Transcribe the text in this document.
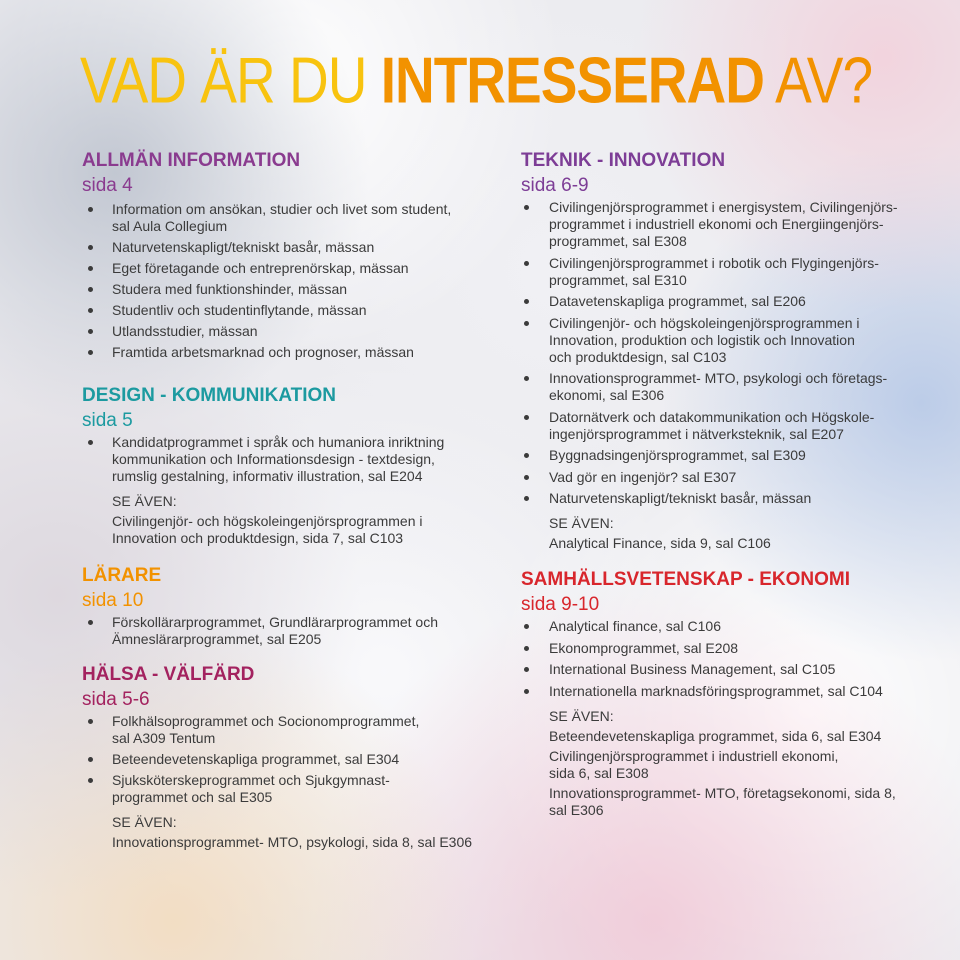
VAD ÄR DU INTRESSERAD AV?
ALLMÄN INFORMATION
sida 4
Information om ansökan, studier och livet som student,
sal Aula Collegium
Naturvetenskapligt/tekniskt basår, mässan
Eget företagande och entreprenörskap, mässan
Studera med funktionshinder, mässan
Studentliv och studentinflytande, mässan
Utlandsstudier, mässan
Framtida arbetsmarknad och prognoser, mässan
DESIGN - KOMMUNIKATION
sida 5
Kandidatprogrammet i språk och humaniora inriktning
kommunikation och Informationsdesign - textdesign,
rumslig gestalning, informativ illustration, sal E204
SE ÄVEN:
Civilingenjör- och högskoleingenjörsprogrammen i
Innovation och produktdesign, sida 7, sal C103
LÄRARE
sida 10
Förskollärarprogrammet, Grundlärarprogrammet och
Ämneslärarprogrammet, sal E205
HÄLSA - VÄLFÄRD
sida 5-6
Folkhälsoprogrammet och Socionomprogrammet,
sal A309 Tentum
Beteendevetenskapliga programmet, sal E304
Sjuksköterskeprogrammet och Sjukgymnast-
programmet och sal E305
SE ÄVEN:
Innovationsprogrammet- MTO, psykologi, sida 8, sal E306
TEKNIK - INNOVATION
sida 6-9
Civilingenjörsprogrammet i energisystem, Civilingenjörs-
programmet i industriell ekonomi och Energiingenjörs-
programmet, sal E308
Civilingenjörsprogrammet i robotik och Flygingenjörs-
programmet, sal E310
Datavetenskapliga programmet, sal E206
Civilingenjör- och högskoleingenjörsprogrammen i
Innovation, produktion och logistik och Innovation
och produktdesign, sal C103
Innovationsprogrammet- MTO, psykologi och företags-
ekonomi, sal E306
Datornätverk och datakommunikation och Högskole-
ingenjörsprogrammet i nätverksteknik, sal E207
Byggnadsingenjörsprogrammet, sal E309
Vad gör en ingenjör? sal E307
Naturvetenskapligt/tekniskt basår, mässan
SE ÄVEN:
Analytical Finance, sida 9, sal C106
SAMHÄLLSVETENSKAP - EKONOMI
sida 9-10
Analytical finance, sal C106
Ekonomprogrammet, sal E208
International Business Management, sal C105
Internationella marknadsföringsprogrammet, sal C104
SE ÄVEN:
Beteendevetenskapliga programmet, sida 6, sal E304
Civilingenjörsprogrammet i industriell ekonomi,
sida 6, sal E308
Innovationsprogrammet- MTO, företagsekonomi, sida 8,
sal E306
